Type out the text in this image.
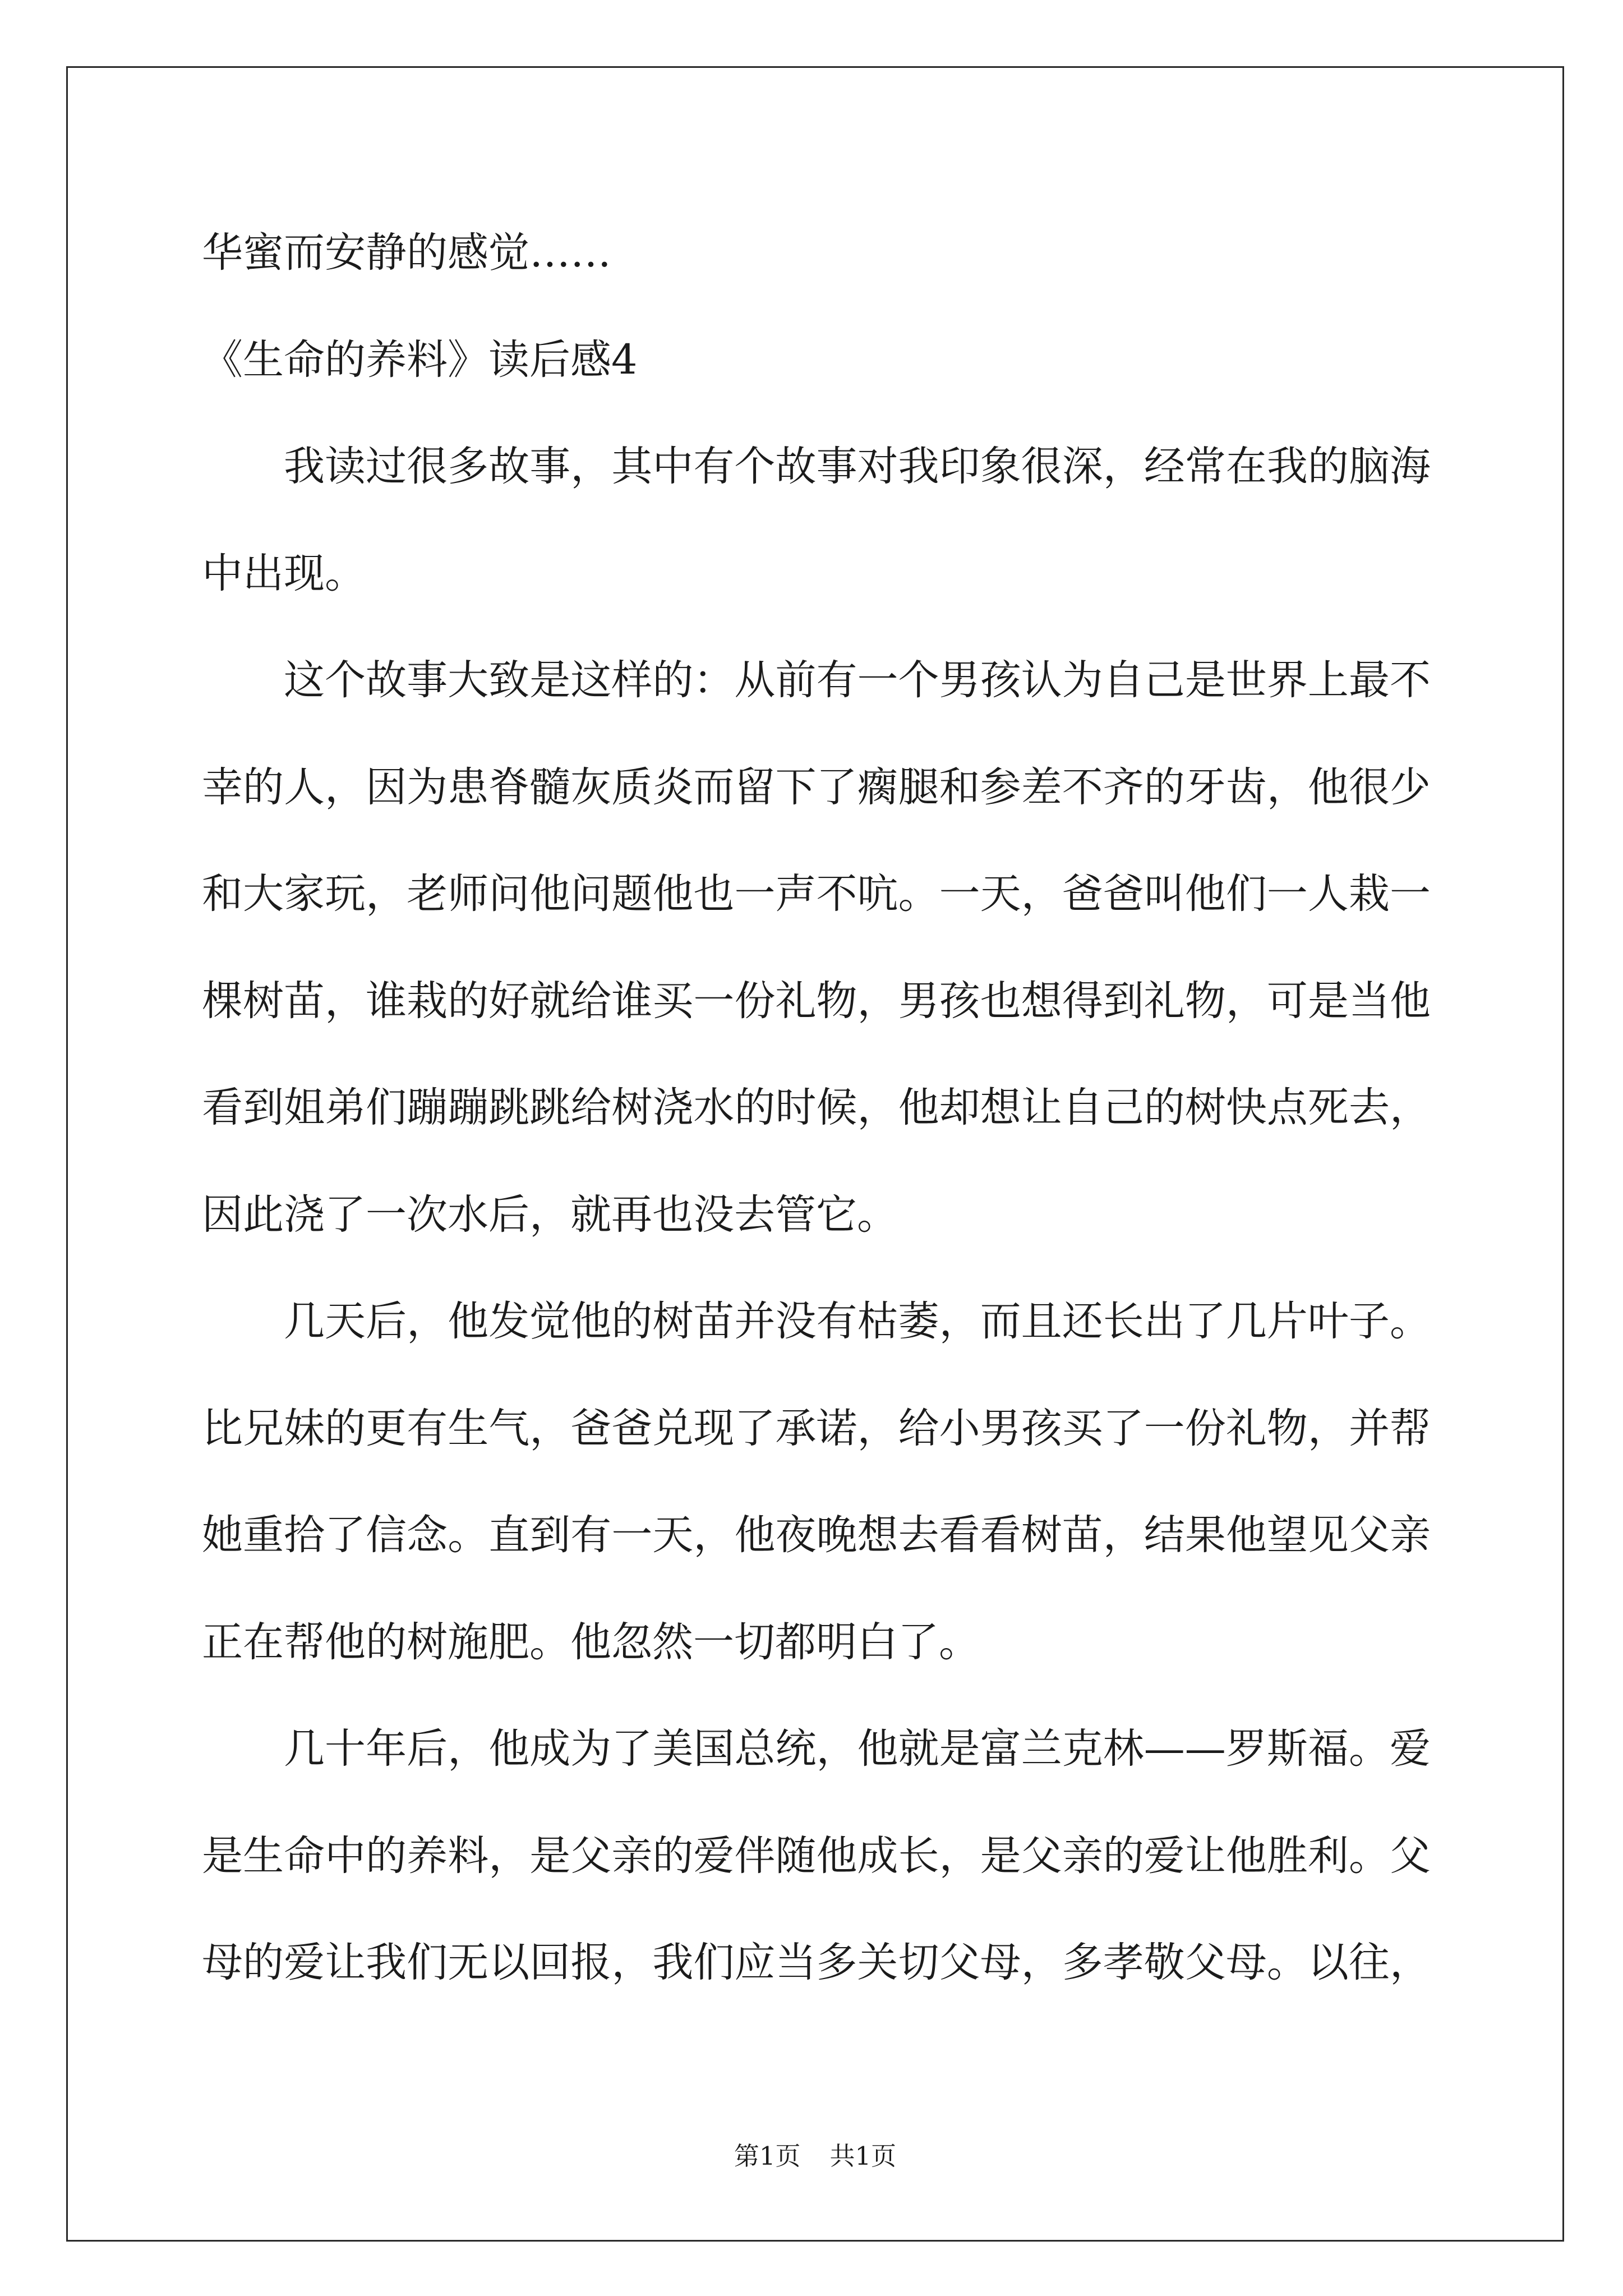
华蜜而安静的感觉……
《生命的养料》读后感4
我读过很多故事，其中有个故事对我印象很深，经常在我的脑海
中出现。
这个故事大致是这样的：从前有一个男孩认为自己是世界上最不
幸的人，因为患脊髓灰质炎而留下了瘸腿和参差不齐的牙齿，他很少
和大家玩，老师问他问题他也一声不吭。一天，爸爸叫他们一人栽一
棵树苗，谁栽的好就给谁买一份礼物，男孩也想得到礼物，可是当他
看到姐弟们蹦蹦跳跳给树浇水的时候，他却想让自己的树快点死去，
因此浇了一次水后，就再也没去管它。
几天后，他发觉他的树苗并没有枯萎，而且还长出了几片叶子。
比兄妹的更有生气，爸爸兑现了承诺，给小男孩买了一份礼物，并帮
她重拾了信念。直到有一天，他夜晚想去看看树苗，结果他望见父亲
正在帮他的树施肥。他忽然一切都明白了。
几十年后，他成为了美国总统，他就是富兰克林——罗斯福。爱
是生命中的养料，是父亲的爱伴随他成长，是父亲的爱让他胜利。父
母的爱让我们无以回报，我们应当多关切父母，多孝敬父母。以往，
第1页 共1页
